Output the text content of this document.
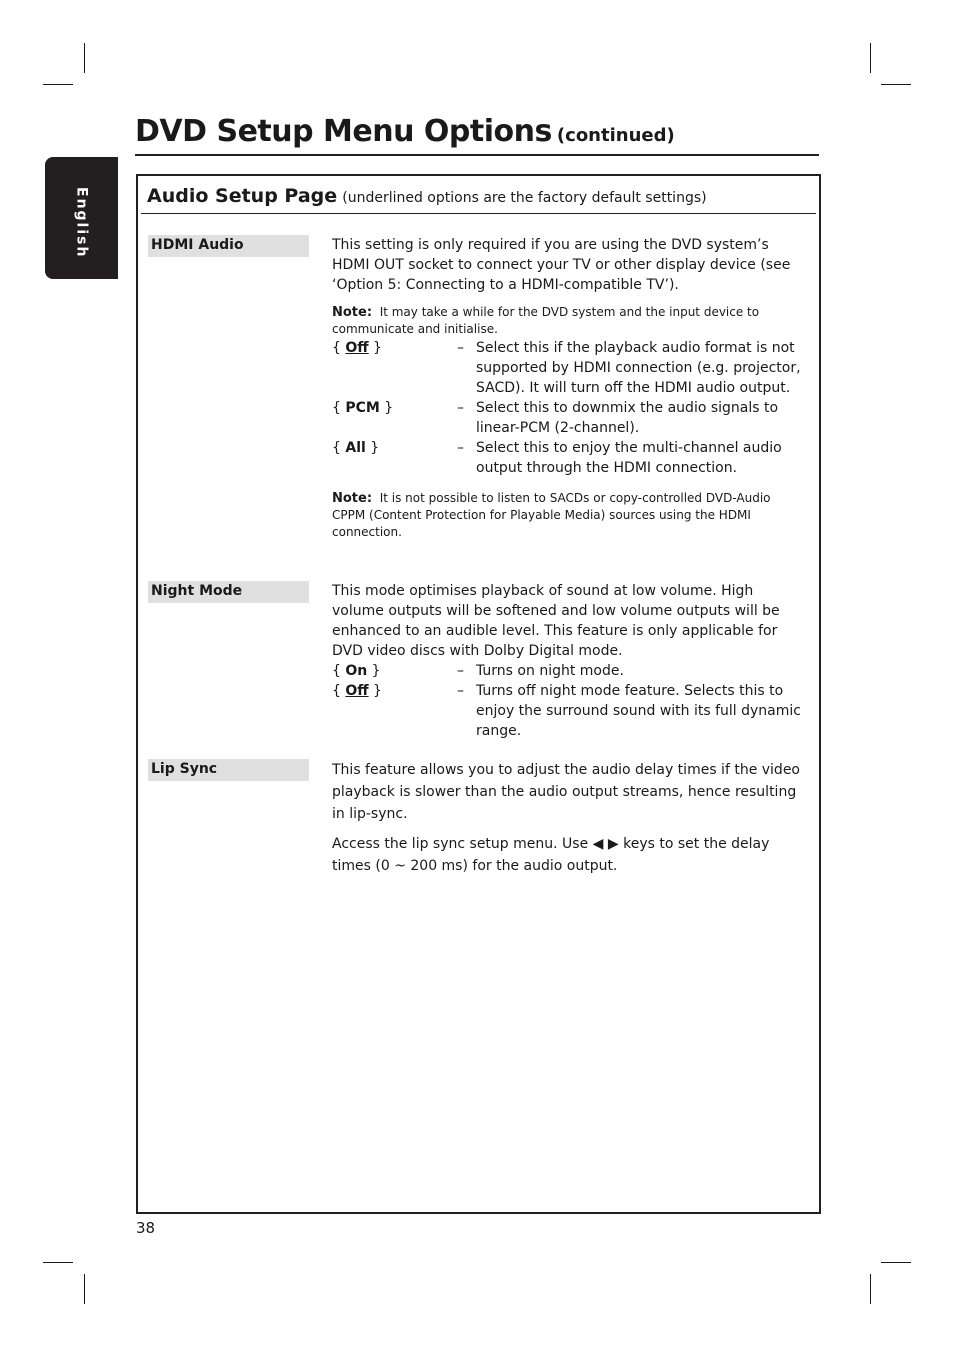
English
DVD Setup Menu Options (continued)
Audio Setup Page (underlined options are the factory default settings)
HDMI Audio	This setting is only required if you are using the DVD system’s HDMI OUT socket to connect your TV or other display device (see ‘Option 5: Connecting to a HDMI-compatible TV’).

Note: It may take a while for the DVD system and the input device to communicate and initialise.

{ Off }	– Select this if the playback audio format is not supported by HDMI connection (e.g. projector, SACD). It will turn off the HDMI audio output.
{ PCM }	– Select this to downmix the audio signals to linear-PCM (2-channel).
{ All }	– Select this to enjoy the multi-channel audio output through the HDMI connection.

Note: It is not possible to listen to SACDs or copy-controlled DVD-Audio CPPM (Content Protection for Playable Media) sources using the HDMI connection.

Night Mode	This mode optimises playback of sound at low volume. High volume outputs will be softened and low volume outputs will be enhanced to an audible level. This feature is only applicable for DVD video discs with Dolby Digital mode.

{ On }	– Turns on night mode.
{ Off }	– Turns off night mode feature. Selects this to enjoy the surround sound with its full dynamic range.
Lip Sync	This feature allows you to adjust the audio delay times if the video playback is slower than the audio output streams, hence resulting in lip-sync.

Access the lip sync setup menu. Use ◀ ▶ keys to set the delay times (0 ~ 200 ms) for the audio output.

38
